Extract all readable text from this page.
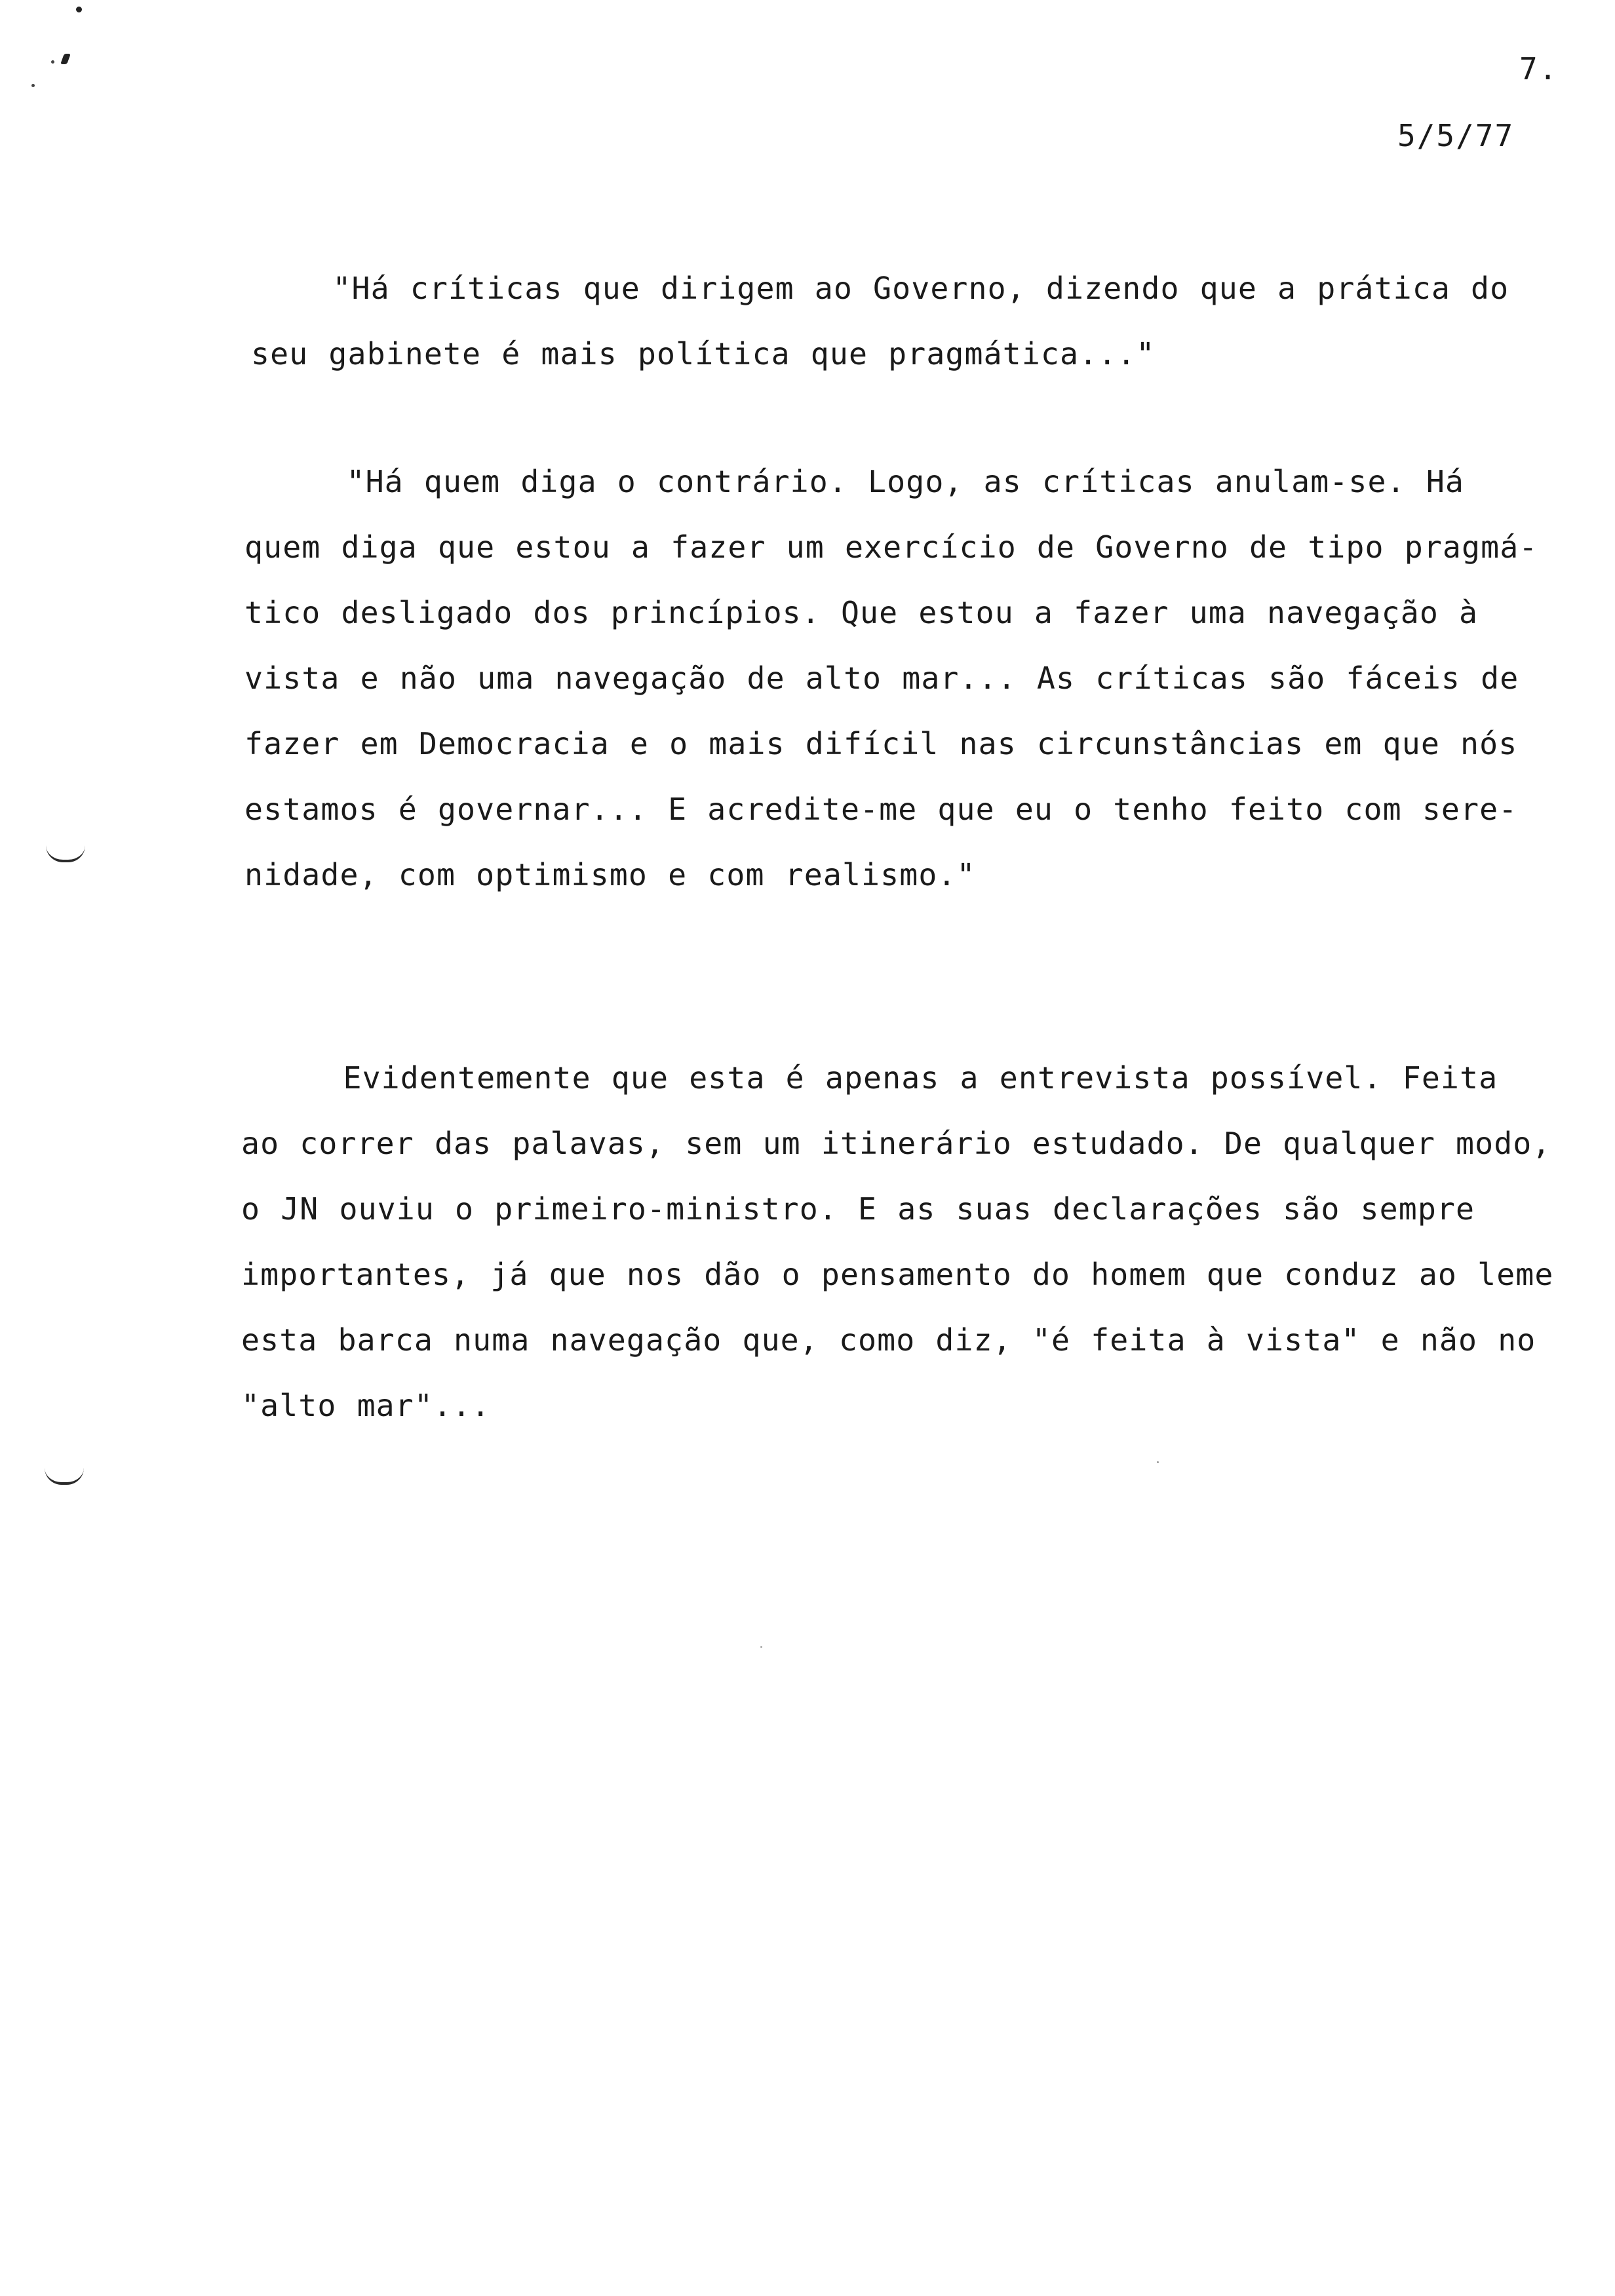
7.
5/5/77

"Há críticas que dirigem ao Governo, dizendo que a prática do
seu gabinete é mais política que pragmática..."

"Há quem diga o contrário. Logo, as críticas anulam-se. Há
quem diga que estou a fazer um exercício de Governo de tipo pragmá-
tico desligado dos princípios. Que estou a fazer uma navegação à
vista e não uma navegação de alto mar... As críticas são fáceis de
fazer em Democracia e o mais difícil nas circunstâncias em que nós
estamos é governar... E acredite-me que eu o tenho feito com sere-
nidade, com optimismo e com realismo."

Evidentemente que esta é apenas a entrevista possível. Feita
ao correr das palavas, sem um itinerário estudado. De qualquer modo,
o JN ouviu o primeiro-ministro. E as suas declarações são sempre
importantes, já que nos dão o pensamento do homem que conduz ao leme
esta barca numa navegação que, como diz, "é feita à vista" e não no
"alto mar"...
